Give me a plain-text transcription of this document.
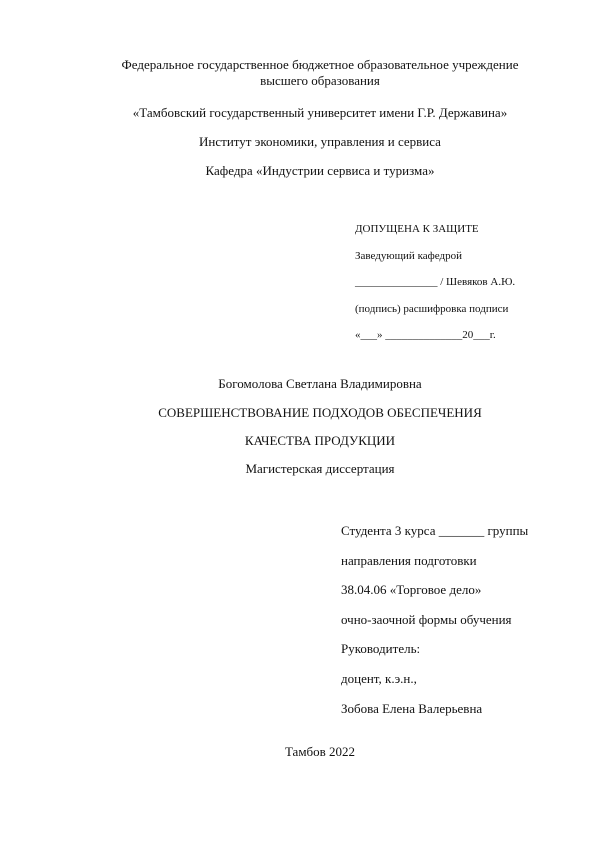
Федеральное государственное бюджетное образовательное учреждение
высшего образования
«Тамбовский государственный университет имени Г.Р. Державина»
Институт экономики, управления и сервиса
Кафедра «Индустрии сервиса и туризма»
ДОПУЩЕНА К ЗАЩИТЕ
Заведующий кафедрой
_______________ / Шевяков А.Ю.
(подпись) расшифровка подписи
«___» ______________20___г.
Богомолова Светлана Владимировна
СОВЕРШЕНСТВОВАНИЕ ПОДХОДОВ ОБЕСПЕЧЕНИЯ
КАЧЕСТВА ПРОДУКЦИИ
Магистерская диссертация
Студента 3 курса _______ группы
направления подготовки
38.04.06 «Торговое дело»
очно-заочной формы обучения
Руководитель:
доцент, к.э.н.,
Зобова Елена Валерьевна
Тамбов 2022
